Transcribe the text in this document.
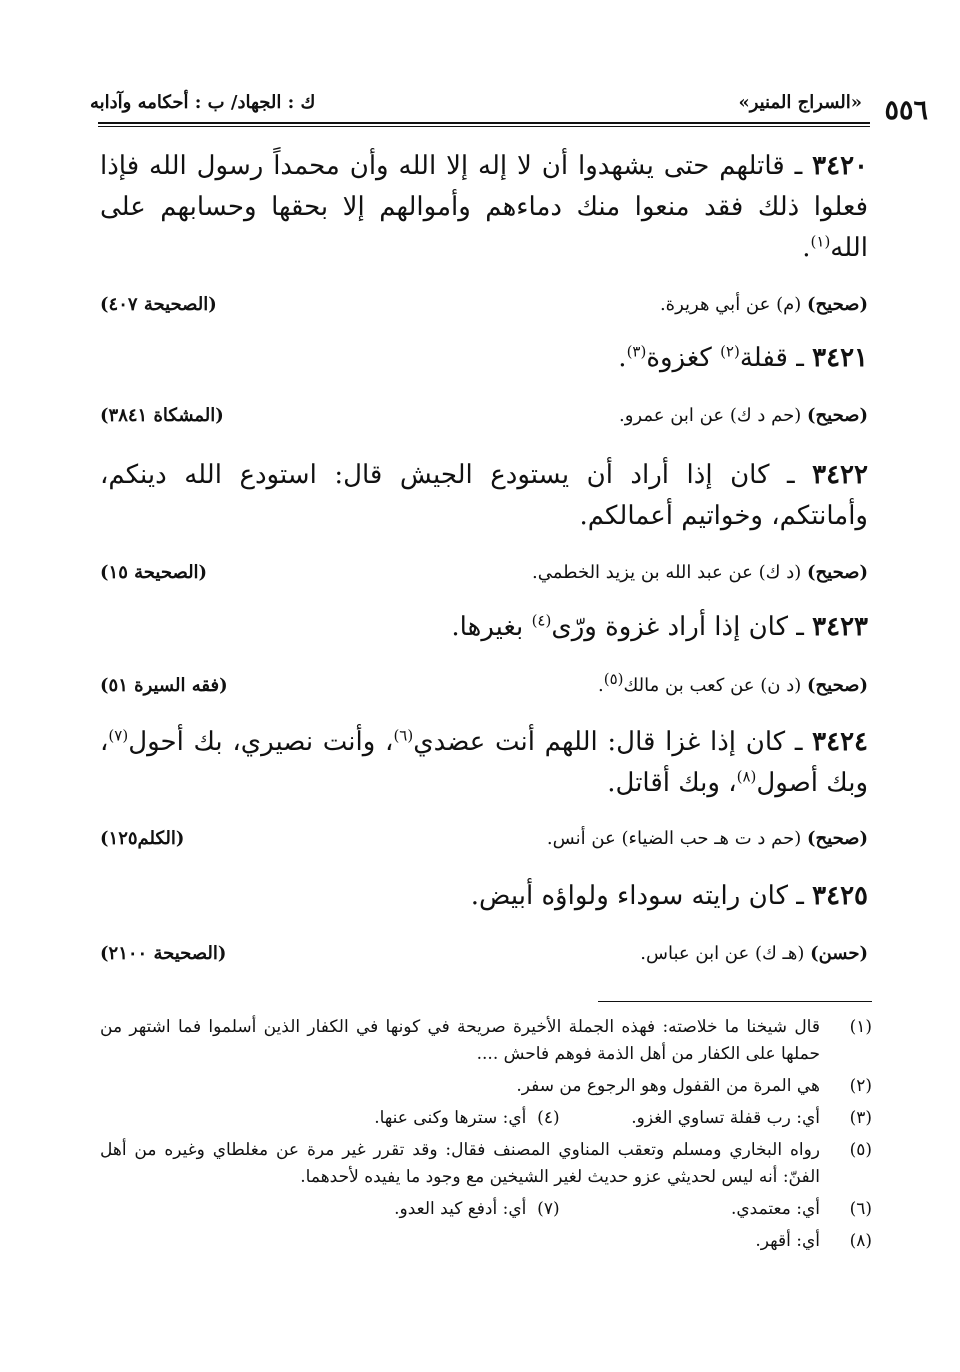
٥٥٦
«السراج المنير»
ك : الجهاد/ ب : أحكامه وآدابه

٣٤٢٠ ـ قاتلهم حتى يشهدوا أن لا إله إلا الله وأن محمداً رسول الله فإذا فعلوا ذلك فقد منعوا منك دماءهم وأموالهم إلا بحقها وحسابهم على الله$^{(١)}$.

(صحيح) (م) عن أبي هريرة.
(الصحيحة ٤٠٧)

٣٤٢١ ـ قفلة$^{(٢)}$ كغزوة$^{(٣)}$.

(صحيح) (حم د ك) عن ابن عمرو.
(المشكاة ٣٨٤١)

٣٤٢٢ ـ كان إذا أراد أن يستودع الجيش قال: استودع الله دينكم، وأمانتكم، وخواتيم أعمالكم.

(صحيح) (د ك) عن عبد الله بن يزيد الخطمي.
(الصحيحة ١٥)

٣٤٢٣ ـ كان إذا أراد غزوة ورّى$^{(٤)}$ بغيرها.

(صحيح) (د ن) عن كعب بن مالك$^{(٥)}$.
(فقه السيرة ٥١)

٣٤٢٤ ـ كان إذا غزا قال: اللهم أنت عضدي$^{(٦)}$، وأنت نصيري، بك أحول$^{(٧)}$، وبك أصول$^{(٨)}$، وبك أقاتل.

(صحيح) (حم د ت هـ حب الضياء) عن أنس.
(الكلم١٢٥)

٣٤٢٥ ـ كان رايته سوداء ولواؤه أبيض.

(حسن) (هـ ك) عن ابن عباس.
(الصحيحة ٢١٠٠)

(١)
قال شيخنا ما خلاصته: فهذه الجملة الأخيرة صريحة في كونها في الكفار الذين أسلموا فما اشتهر من حملها على الكفار من أهل الذمة فوهم فاحش ....

(٢)
هي المرة من القفول وهو الرجوع من سفر.

(٣)
أي: رب قفلة تساوي الغزو. (٤)  أي: سترها وكنى عنها.

(٥)
رواه البخاري ومسلم وتعقب المناوي المصنف فقال: وقد تقرر غير مرة عن مغلطاي وغيره من أهل الفنّ: أنه ليس لحديثي عزو حديث لغير الشيخين مع وجود ما يفيده لأحدهما.

(٦)
أي: معتمدي. (٧)  أي: أدفع كيد العدو.

(٨)
أي: أقهر.
